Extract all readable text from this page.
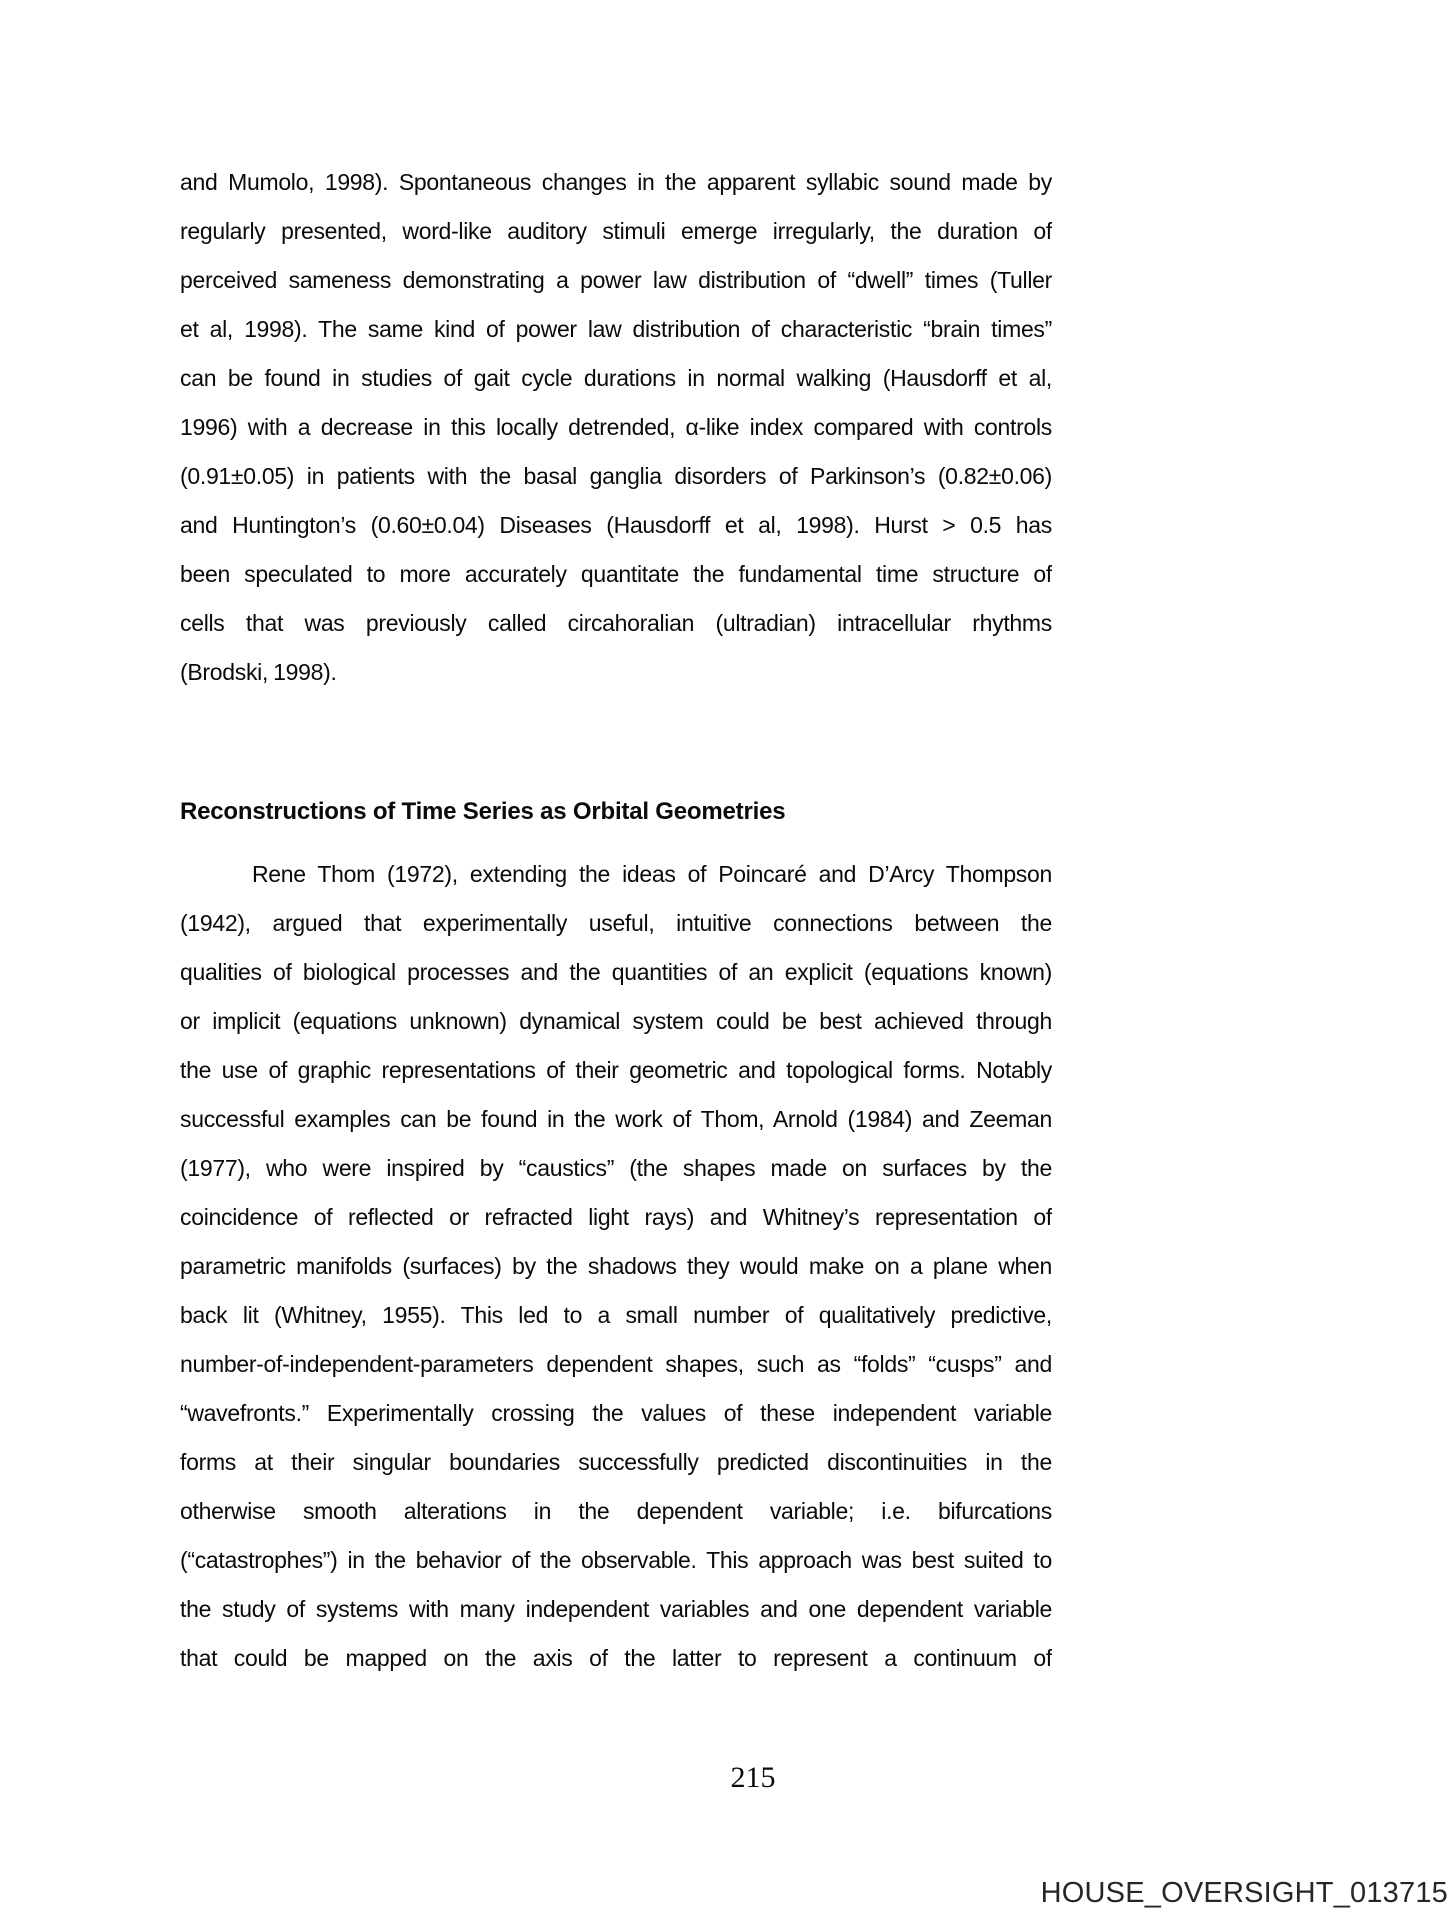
and Mumolo, 1998). Spontaneous changes in the apparent syllabic sound made by
regularly presented, word-like auditory stimuli emerge irregularly, the duration of
perceived sameness demonstrating a power law distribution of “dwell” times (Tuller
et al, 1998). The same kind of power law distribution of characteristic “brain times”
can be found in studies of gait cycle durations in normal walking (Hausdorff et al,
1996) with a decrease in this locally detrended, α-like index compared with controls
(0.91±0.05) in patients with the basal ganglia disorders of Parkinson’s (0.82±0.06)
and Huntington’s (0.60±0.04) Diseases (Hausdorff et al, 1998). Hurst > 0.5 has
been speculated to more accurately quantitate the fundamental time structure of
cells that was previously called circahoralian (ultradian) intracellular rhythms
(Brodski, 1998).
Reconstructions of Time Series as Orbital Geometries
Rene Thom (1972), extending the ideas of Poincaré and D’Arcy Thompson
(1942), argued that experimentally useful, intuitive connections between the
qualities of biological processes and the quantities of an explicit (equations known)
or implicit (equations unknown) dynamical system could be best achieved through
the use of graphic representations of their geometric and topological forms. Notably
successful examples can be found in the work of Thom, Arnold (1984) and Zeeman
(1977), who were inspired by “caustics” (the shapes made on surfaces by the
coincidence of reflected or refracted light rays) and Whitney’s representation of
parametric manifolds (surfaces) by the shadows they would make on a plane when
back lit (Whitney, 1955). This led to a small number of qualitatively predictive,
number-of-independent-parameters dependent shapes, such as “folds” “cusps” and
“wavefronts.” Experimentally crossing the values of these independent variable
forms at their singular boundaries successfully predicted discontinuities in the
otherwise smooth alterations in the dependent variable; i.e. bifurcations
(“catastrophes”) in the behavior of the observable. This approach was best suited to
the study of systems with many independent variables and one dependent variable
that could be mapped on the axis of the latter to represent a continuum of
215
HOUSE_OVERSIGHT_013715
